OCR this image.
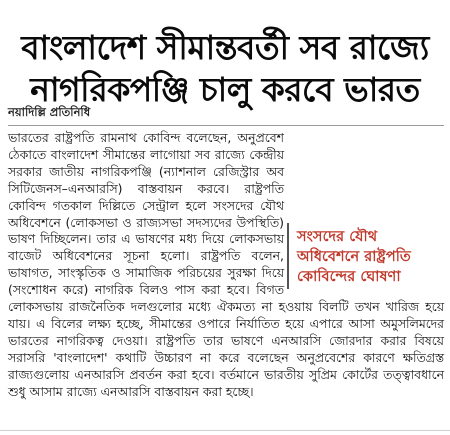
বাংলাদেশ সীমান্তবর্তী সব রাজ্যে
নাগরিকপঞ্জি চালু করবে ভারত
নয়াদিল্লি প্রতিনিধি

ভারতের রাষ্ট্রপতি রামনাথ কোবিন্দ বলেছেন, অনুপ্রবেশ ঠেকাতে বাংলাদেশ সীমান্তের লাগোয়া সব রাজ্যে কেন্দ্রীয় সরকার জাতীয় নাগরিকপঞ্জি (ন্যাশনাল রেজিস্ট্রার অব সিটিজেনস–এনআরসি) বাস্তবায়ন করবে। রাষ্ট্রপতি কোবিন্দ গতকাল দিল্লিতে সেন্ট্রাল হলে সংসদের যৌথ অধিবেশনে (লোকসভা ও রাজ্যসভা সদস্যদের উপস্থিতি) ভাষণ দিচ্ছিলেন। তার এ ভাষণের মধ্য দিয়ে লোকসভায় বাজেট অধিবেশনের সূচনা হলো। রাষ্ট্রপতি বলেন, ভাষাগত, সাংস্কৃতিক ও সামাজিক পরিচয়ের সুরক্ষা দিয়ে (সংশোধন করে) নাগরিক বিলও পাস করা হবে। বিগত লোকসভায় রাজনৈতিক দলগুলোর মধ্যে ঐকমত্য না হওয়ায় বিলটি তখন খারিজ হয়ে যায়। এ বিলের লক্ষ্য হচ্ছে, সীমান্তের ওপারে নির্যাতিত হয়ে এপারে আসা অমুসলিমদের ভারতের নাগরিকত্ব দেওয়া। রাষ্ট্রপতি তার ভাষণে এনআরসি জোরদার করার বিষয়ে সরাসরি 'বাংলাদেশ' কথাটি উচ্চারণ না করে বলেছেন অনুপ্রবেশের কারণে ক্ষতিগ্রস্ত রাজ্যগুলোয় এনআরসি প্রবর্তন করা হবে। বর্তমানে ভারতীয় সুপ্রিম কোর্টের তত্ত্বাবধানে শুধু আসাম রাজ্যে এনআরসি বাস্তবায়ন করা হচ্ছে।

সংসদের যৌথ অধিবেশনে রাষ্ট্রপতি কোবিন্দের ঘোষণা
